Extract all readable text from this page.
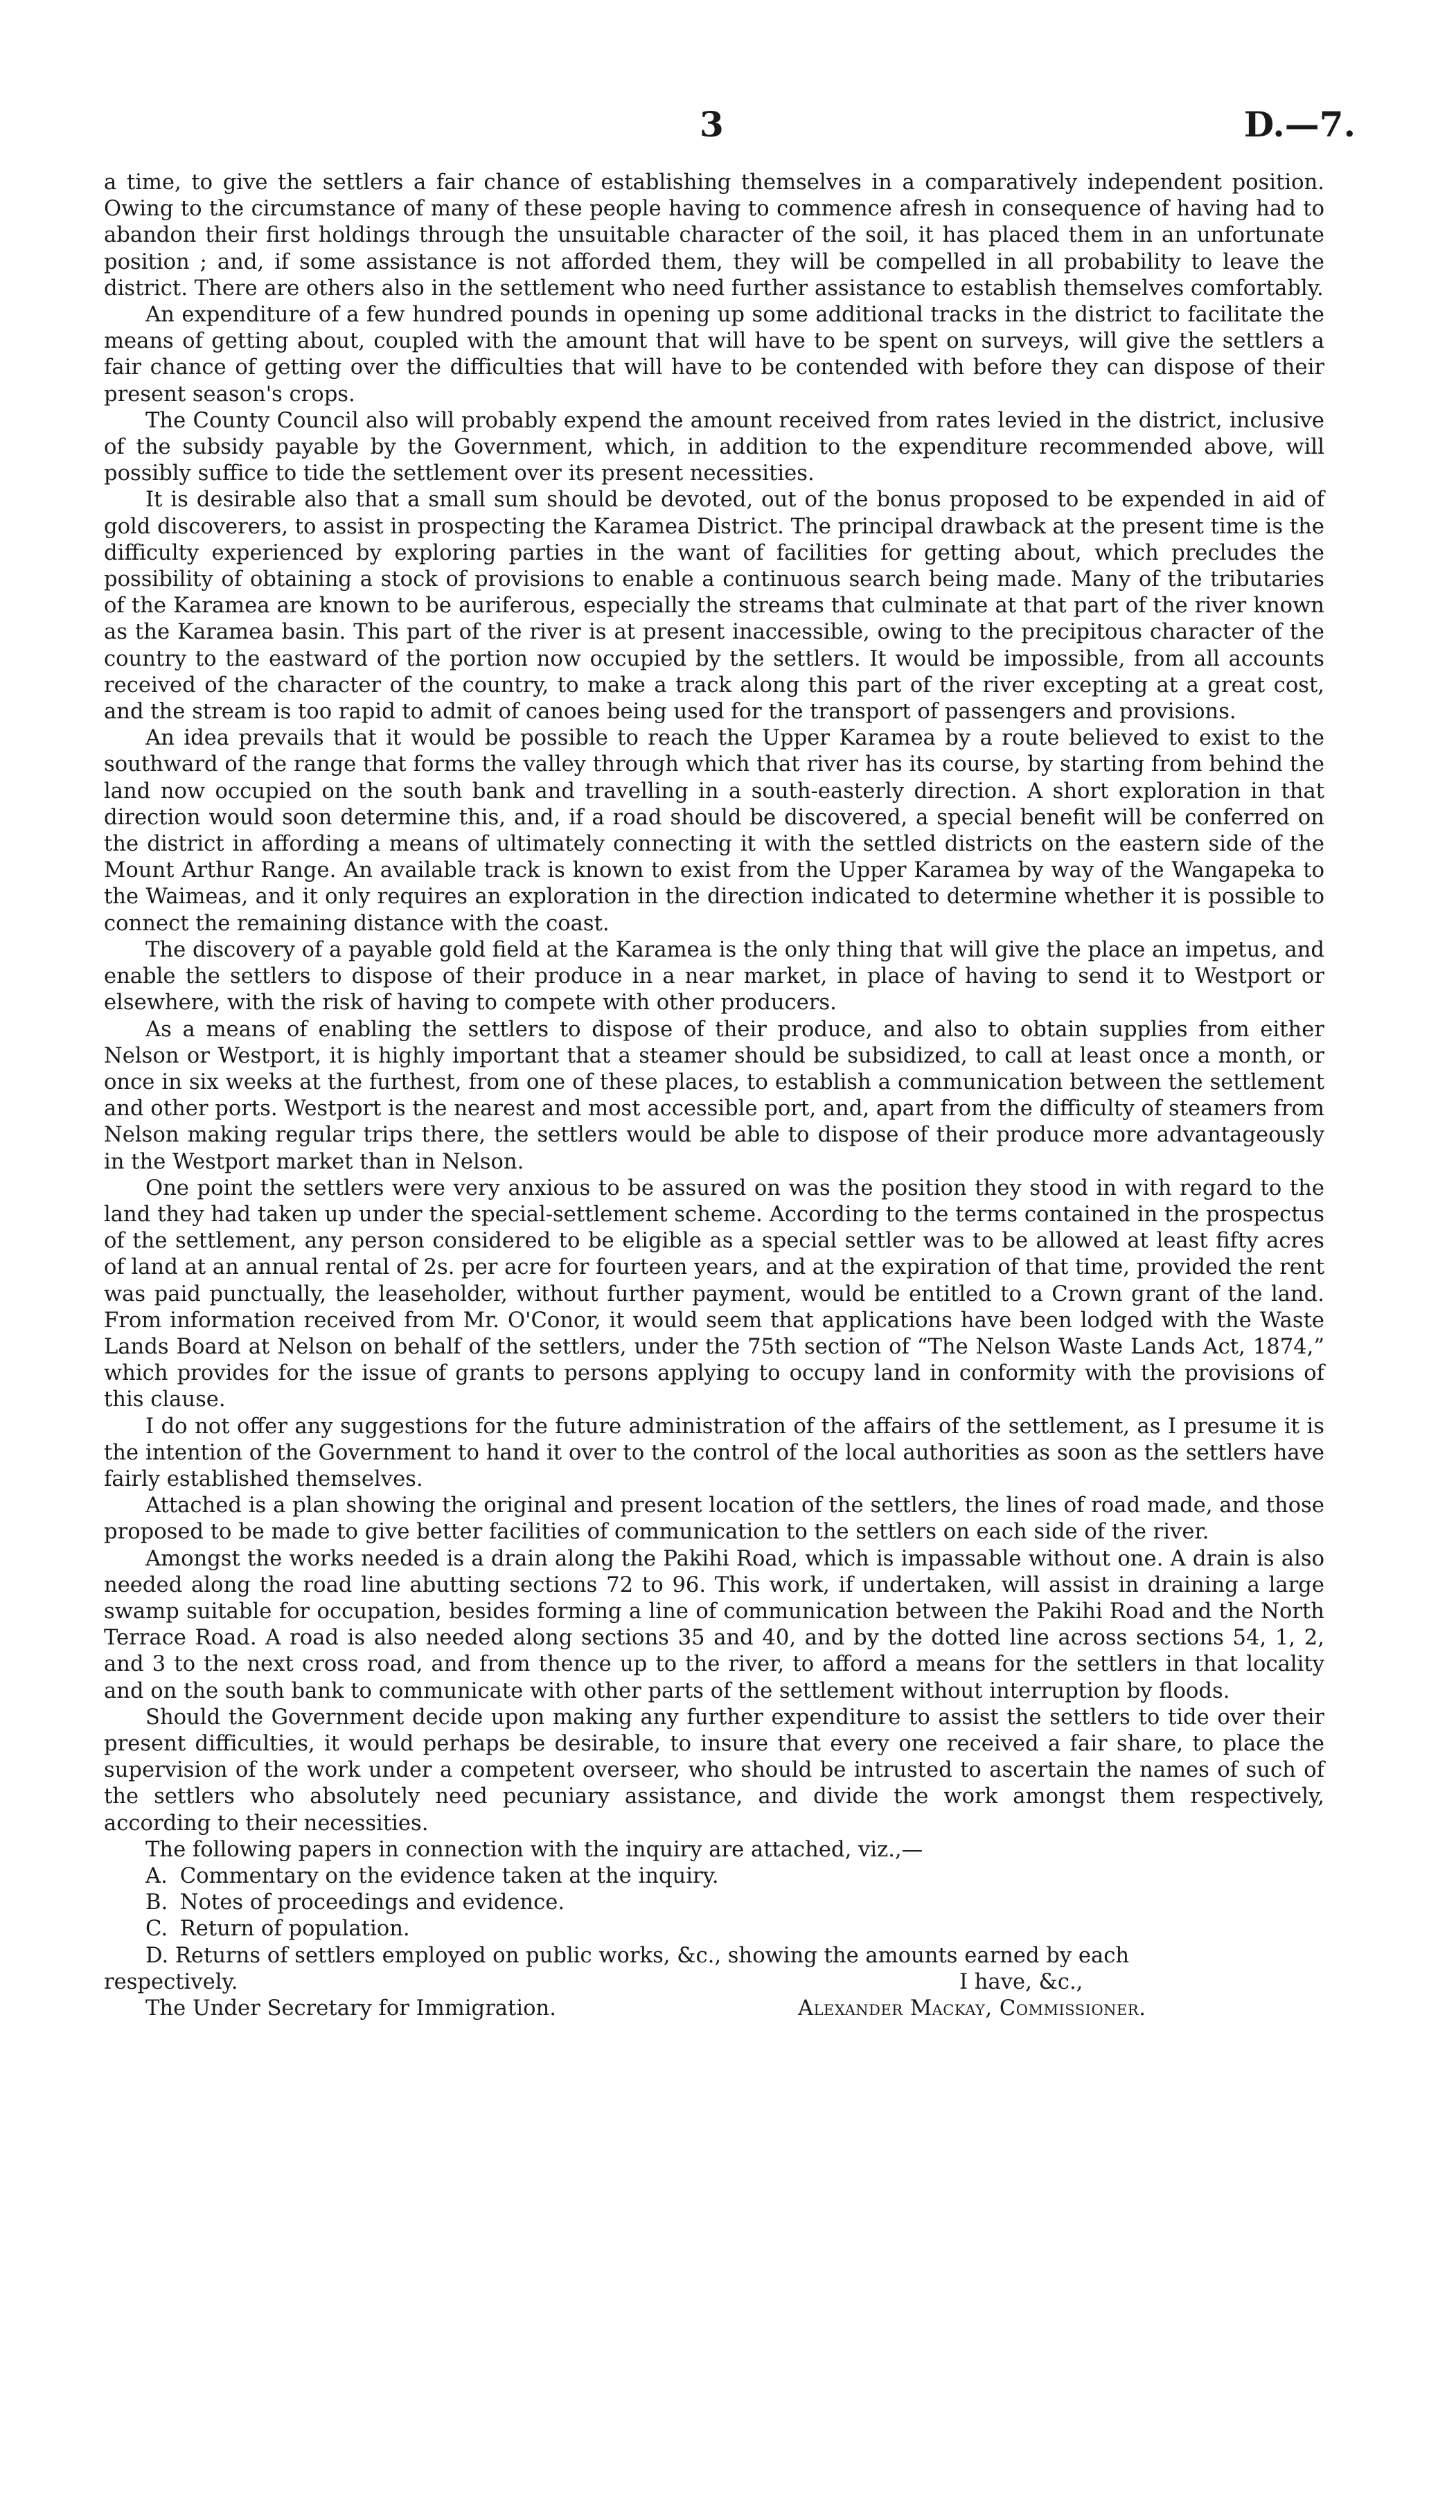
3	D.—7.

a time, to give the settlers a fair chance of establishing themselves in a comparatively independent position. Owing to the circumstance of many of these people having to commence afresh in consequence of having had to abandon their first holdings through the unsuitable character of the soil, it has placed them in an unfortunate position ; and, if some assistance is not afforded them, they will be compelled in all probability to leave the district. There are others also in the settlement who need further assistance to establish themselves comfortably.

An expenditure of a few hundred pounds in opening up some additional tracks in the district to facilitate the means of getting about, coupled with the amount that will have to be spent on surveys, will give the settlers a fair chance of getting over the difficulties that will have to be contended with before they can dispose of their present season's crops.

The County Council also will probably expend the amount received from rates levied in the district, inclusive of the subsidy payable by the Government, which, in addition to the expenditure recommended above, will possibly suffice to tide the settlement over its present necessities.

It is desirable also that a small sum should be devoted, out of the bonus proposed to be expended in aid of gold discoverers, to assist in prospecting the Karamea District. The principal drawback at the present time is the difficulty experienced by exploring parties in the want of facilities for getting about, which precludes the possibility of obtaining a stock of provisions to enable a continuous search being made. Many of the tributaries of the Karamea are known to be auriferous, especially the streams that culminate at that part of the river known as the Karamea basin. This part of the river is at present inaccessible, owing to the precipitous character of the country to the eastward of the portion now occupied by the settlers. It would be impossible, from all accounts received of the character of the country, to make a track along this part of the river excepting at a great cost, and the stream is too rapid to admit of canoes being used for the transport of passengers and provisions.

An idea prevails that it would be possible to reach the Upper Karamea by a route believed to exist to the southward of the range that forms the valley through which that river has its course, by starting from behind the land now occupied on the south bank and travelling in a south-easterly direction. A short exploration in that direction would soon determine this, and, if a road should be discovered, a special benefit will be conferred on the district in affording a means of ultimately connecting it with the settled districts on the eastern side of the Mount Arthur Range. An available track is known to exist from the Upper Karamea by way of the Wangapeka to the Waimeas, and it only requires an exploration in the direction indicated to determine whether it is possible to connect the remaining distance with the coast.

The discovery of a payable gold field at the Karamea is the only thing that will give the place an impetus, and enable the settlers to dispose of their produce in a near market, in place of having to send it to Westport or elsewhere, with the risk of having to compete with other producers.

As a means of enabling the settlers to dispose of their produce, and also to obtain supplies from either Nelson or Westport, it is highly important that a steamer should be subsidized, to call at least once a month, or once in six weeks at the furthest, from one of these places, to establish a communication between the settlement and other ports. Westport is the nearest and most accessible port, and, apart from the difficulty of steamers from Nelson making regular trips there, the settlers would be able to dispose of their produce more advantageously in the Westport market than in Nelson.

One point the settlers were very anxious to be assured on was the position they stood in with regard to the land they had taken up under the special-settlement scheme. According to the terms contained in the prospectus of the settlement, any person considered to be eligible as a special settler was to be allowed at least fifty acres of land at an annual rental of 2s. per acre for fourteen years, and at the expiration of that time, provided the rent was paid punctually, the leaseholder, without further payment, would be entitled to a Crown grant of the land. From information received from Mr. O'Conor, it would seem that applications have been lodged with the Waste Lands Board at Nelson on behalf of the settlers, under the 75th section of “The Nelson Waste Lands Act, 1874,” which provides for the issue of grants to persons applying to occupy land in conformity with the provisions of this clause.

I do not offer any suggestions for the future administration of the affairs of the settlement, as I presume it is the intention of the Government to hand it over to the control of the local authorities as soon as the settlers have fairly established themselves.

Attached is a plan showing the original and present location of the settlers, the lines of road made, and those proposed to be made to give better facilities of communication to the settlers on each side of the river.

Amongst the works needed is a drain along the Pakihi Road, which is impassable without one. A drain is also needed along the road line abutting sections 72 to 96. This work, if undertaken, will assist in draining a large swamp suitable for occupation, besides forming a line of communication between the Pakihi Road and the North Terrace Road. A road is also needed along sections 35 and 40, and by the dotted line across sections 54, 1, 2, and 3 to the next cross road, and from thence up to the river, to afford a means for the settlers in that locality and on the south bank to communicate with other parts of the settlement without interruption by floods.

Should the Government decide upon making any further expenditure to assist the settlers to tide over their present difficulties, it would perhaps be desirable, to insure that every one received a fair share, to place the supervision of the work under a competent overseer, who should be intrusted to ascertain the names of such of the settlers who absolutely need pecuniary assistance, and divide the work amongst them respectively, according to their necessities.

The following papers in connection with the inquiry are attached, viz.,—

A. Commentary on the evidence taken at the inquiry.
B. Notes of proceedings and evidence.
C. Return of population.

D. Returns of settlers employed on public works, &c., showing the amounts earned by each

respectively.	I have, &c.,
The Under Secretary for Immigration.	Alexander Mackay, Commissioner.
